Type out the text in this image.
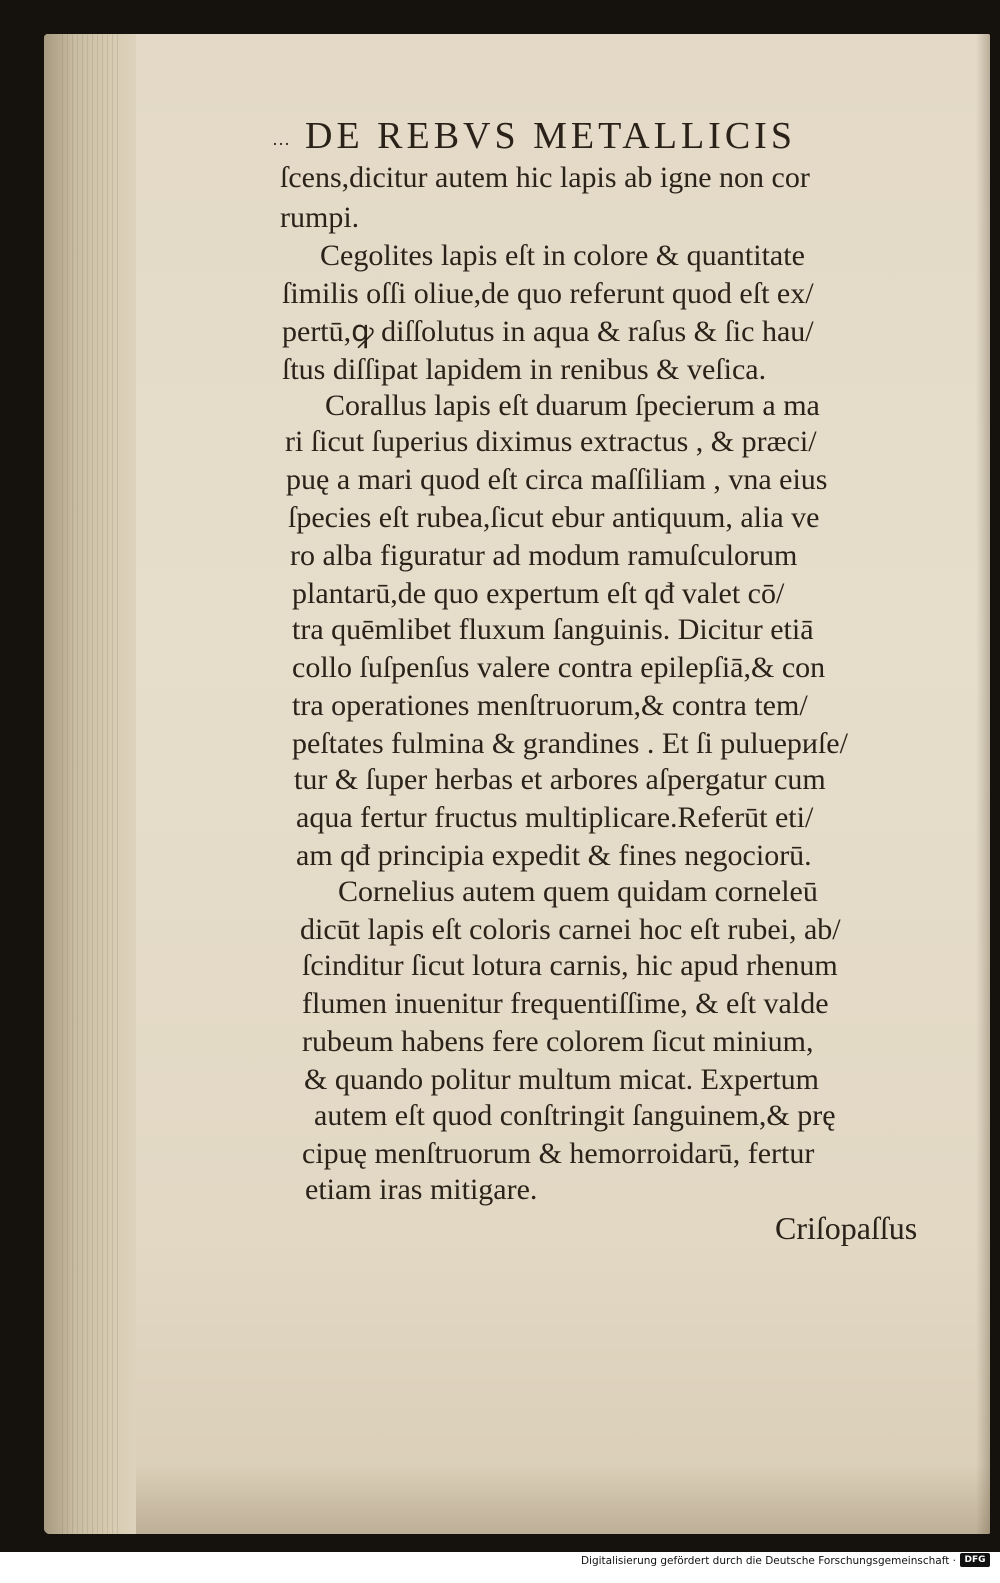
… DE REBVS METALLICIS
ſcens,dicitur autem hic lapis ab igne non cor
rumpi.
Cegolites lapis eſt in colore & quantitate
ſimilis oſſi oliue,de quo referunt quod eſt ex/
pertū,ꝙ diſſolutus in aqua & raſus & ſic hau/
ſtus diſſipat lapidem in renibus & veſica.
Corallus lapis eſt duarum ſpecierum a ma
ri ſicut ſuperius diximus extractus , & præci/
puę a mari quod eſt circa maſſiliam , vna eius
ſpecies eſt rubea,ſicut ebur antiquum, alia ve
ro alba figuratur ad modum ramuſculorum
plantarū,de quo expertum eſt qđ valet cō/
tra quēmlibet fluxum ſanguinis. Dicitur etiā
collo ſuſpenſus valere contra epilepſiā,& con
tra operationes menſtruorum,& contra tem/
peſtates fulmina & grandines . Et ſi puluериſe/
tur & ſuper herbas et arbores aſpergatur cum
aqua fertur fructus multiplicare.Referūt eti/
am qđ principia expedit & fines negociorū.
Cornelius autem quem quidam corneleū
dicūt lapis eſt coloris carnei hoc eſt rubei, ab/
ſcinditur ſicut lotura carnis, hic apud rhenum
flumen inuenitur frequentiſſime, & eſt valde
rubeum habens fere colorem ſicut minium,
& quando politur multum micat. Expertum
autem eſt quod conſtringit ſanguinem,& prę
cipuę menſtruorum & hemorroidarū, fertur
etiam iras mitigare.
Criſopaſſus
Digitalisierung gefördert durch die Deutsche Forschungsgemeinschaft · DFG
